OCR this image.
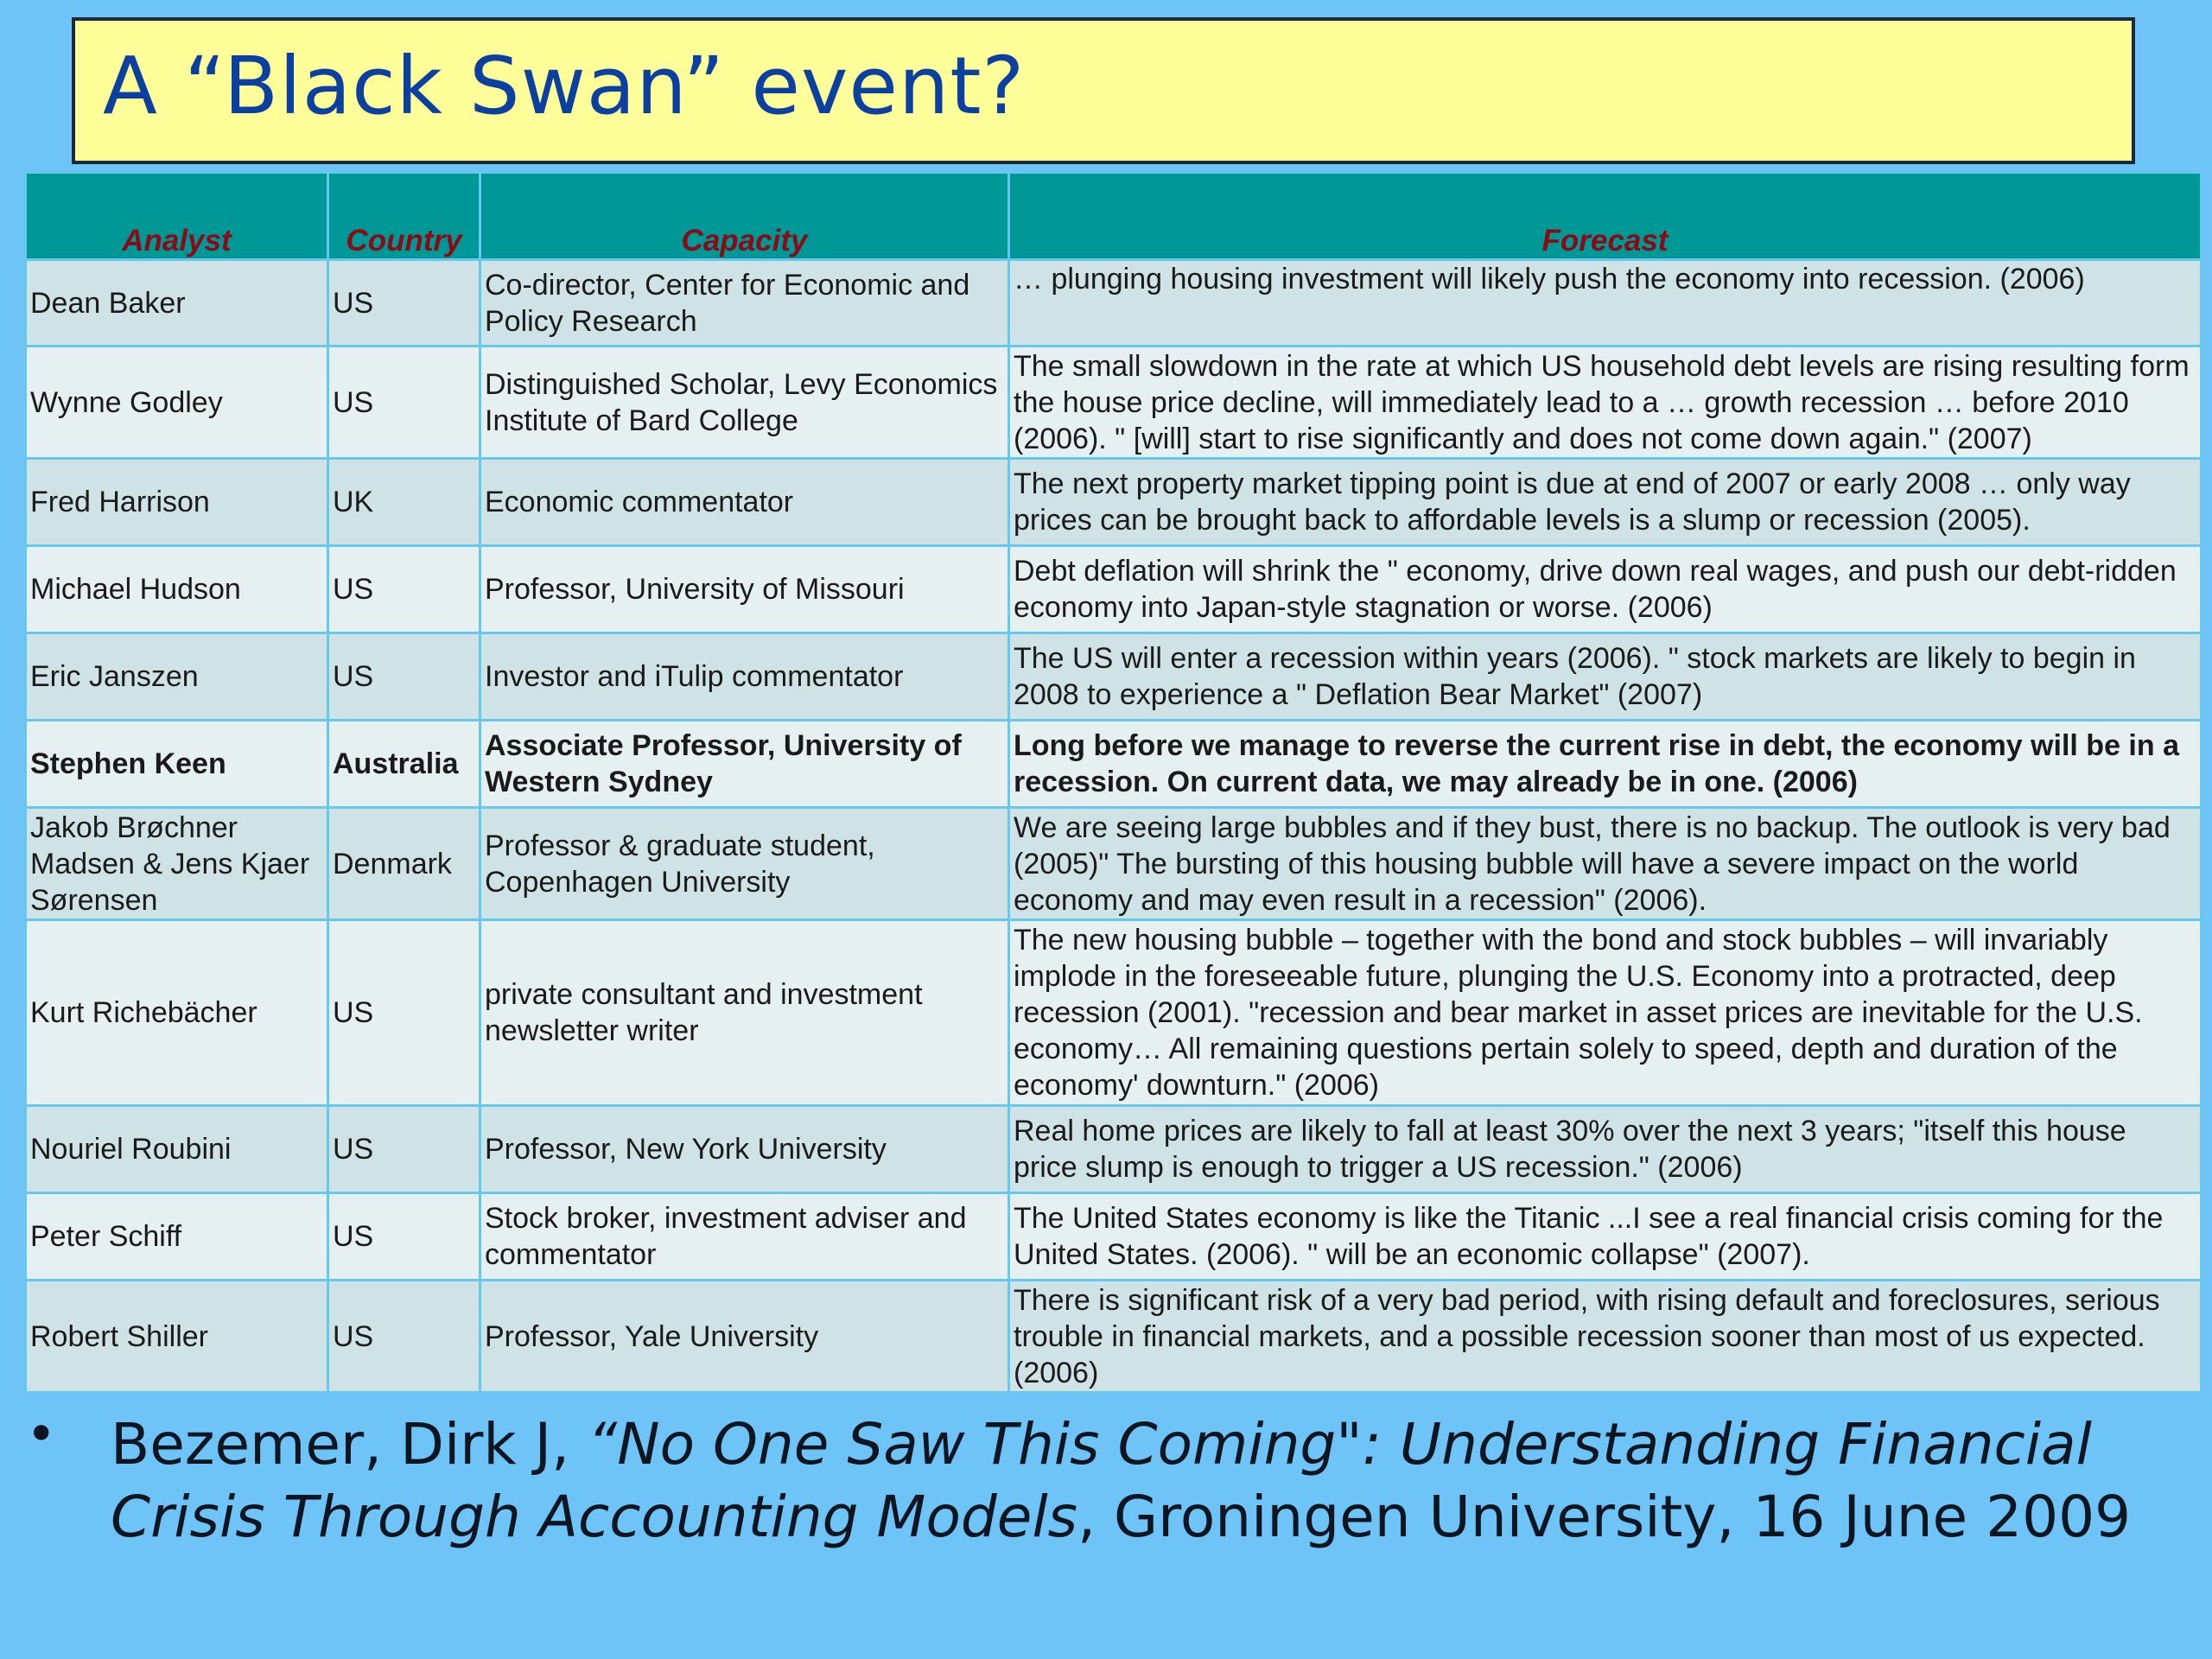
A “Black Swan” event?
Analyst	Country	Capacity	Forecast
Dean Baker	US	Co-director, Center for Economic and Policy Research	… plunging housing investment will likely push the economy into recession. (2006)
Wynne Godley	US	Distinguished Scholar, Levy Economics Institute of Bard College	The small slowdown in the rate at which US household debt levels are rising resulting form the house price decline, will immediately lead to a … growth recession … before 2010 (2006). " [will] start to rise significantly and does not come down again." (2007)
Fred Harrison	UK	Economic commentator	The next property market tipping point is due at end of 2007 or early 2008 … only way prices can be brought back to affordable levels is a slump or recession (2005).
Michael Hudson	US	Professor, University of Missouri	Debt deflation will shrink the " economy, drive down real wages, and push our debt-ridden economy into Japan-style stagnation or worse. (2006)
Eric Janszen	US	Investor and iTulip commentator	The US will enter a recession within years (2006). " stock markets are likely to begin in 2008 to experience a " Deflation Bear Market" (2007)
Stephen Keen	Australia	Associate Professor, University of Western Sydney	Long before we manage to reverse the current rise in debt, the economy will be in a recession. On current data, we may already be in one. (2006)
Jakob Brøchner Madsen & Jens Kjaer Sørensen	Denmark	Professor & graduate student, Copenhagen University	We are seeing large bubbles and if they bust, there is no backup. The outlook is very bad (2005)" The bursting of this housing bubble will have a severe impact on the world economy and may even result in a recession" (2006).
Kurt Richebächer	US	private consultant and investment newsletter writer	The new housing bubble – together with the bond and stock bubbles – will invariably implode in the foreseeable future, plunging the U.S. Economy into a protracted, deep recession (2001). "recession and bear market in asset prices are inevitable for the U.S. economy… All remaining questions pertain solely to speed, depth and duration of the economy' downturn." (2006)
Nouriel Roubini	US	Professor, New York University	Real home prices are likely to fall at least 30% over the next 3 years; "itself this house price slump is enough to trigger a US recession." (2006)
Peter Schiff	US	Stock broker, investment adviser and commentator	The United States economy is like the Titanic ...I see a real financial crisis coming for the United States. (2006). " will be an economic collapse" (2007).
Robert Shiller	US	Professor, Yale University	There is significant risk of a very bad period, with rising default and foreclosures, serious trouble in financial markets, and a possible recession sooner than most of us expected. (2006)
• Bezemer, Dirk J, “No One Saw This Coming": Understanding Financial Crisis Through Accounting Models, Groningen University, 16 June 2009
